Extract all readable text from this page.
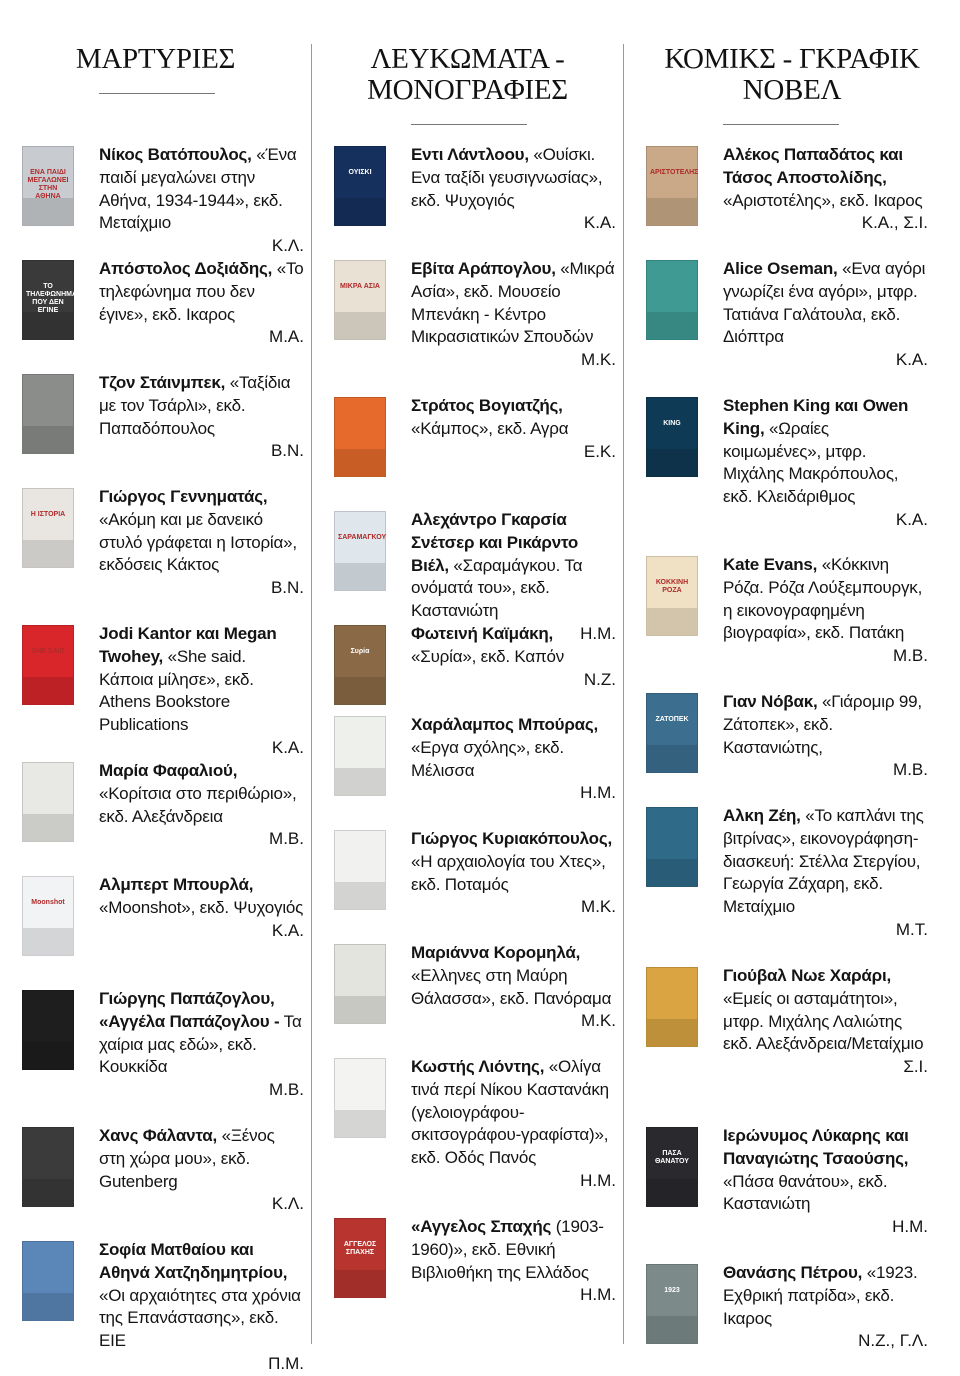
ΜΑΡΤΥΡΙΕΣ
ΕΝΑ ΠΑΙΔΙ ΜΕΓΑΛΩΝΕΙ ΣΤΗΝ ΑΘΗΝΑ
Νίκος Βατόπουλος, «Ένα παιδί μεγαλώνει στην Αθήνα, 1934-1944», εκδ. Μεταίχμιο
Κ.Λ.
ΤΟ ΤΗΛΕΦΩΝΗΜΑ ΠΟΥ ΔΕΝ ΕΓΙΝΕ
Απόστολος Δοξιάδης, «Το τηλεφώνημα που δεν έγινε», εκδ. Ικαρος
Μ.Α.
Τζον Στάινμπεκ, «Ταξίδια με τον Τσάρλι», εκδ. Παπαδόπουλος
Β.Ν.
Η ΙΣΤΟΡΙΑ
Γιώργος Γεννηματάς, «Ακόμη και με δανεικό στυλό γράφεται η Ιστορία», εκδόσεις Κάκτος
Β.Ν.
SHE SAID
Jodi Kantor και Megan Twohey, «She said. Κάποια μίλησε», εκδ. Athens Bookstore Publications
Κ.Α.
Μαρία Φαφαλιού, «Κορίτσια στο περιθώριο», εκδ. Αλεξάνδρεια
Μ.Β.
Moonshot
Αλμπερτ Μπουρλά, «Moonshot», εκδ. Ψυχογιός
Κ.Α.
Γιώργης Παπάζογλου, «Αγγέλα Παπάζογλου - Τα χαίρια μας εδώ», εκδ. Κουκκίδα
Μ.Β.
Χανς Φάλαντα, «Ξένος στη χώρα μου», εκδ. Gutenberg
Κ.Λ.
Σοφία Ματθαίου και Αθηνά Χατζηδημητρίου, «Οι αρχαιότητες στα χρόνια της Επανάστασης», εκδ. ΕΙΕ
Π.Μ.
ΛΕΥΚΩΜΑΤΑ -
ΜΟΝΟΓΡΑΦΙΕΣ
ΟΥΙΣΚΙ
Εντι Λάντλοου, «Ουίσκι. Ενα ταξίδι γευσιγνωσίας», εκδ. Ψυχογιός
Κ.Α.
ΜΙΚΡΑ ΑΣΙΑ
Εβίτα Αράπογλου, «Μικρά Ασία», εκδ. Μουσείο Μπενάκη - Κέντρο Μικρασιατικών Σπουδών
Μ.Κ.
Στράτος Βογιατζής, «Κάμπος», εκδ. Αγρα
Ε.Κ.
ΣΑΡΑΜΑΓΚΟΥ
Αλεχάντρο Γκαρσία Σνέτσερ και Ρικάρντο Βιέλ, «Σαραμάγκου. Τα ονόματά του», εκδ. Καστανιώτη
Η.Μ.
Συρία
Φωτεινή Καϊμάκη, «Συρία», εκδ. Καπόν
Ν.Ζ.
Χαράλαμπος Μπούρας, «Εργα σχόλης», εκδ. Μέλισσα
Η.Μ.
Γιώργος Κυριακόπουλος, «Η αρχαιολογία του Χτες», εκδ. Ποταμός
Μ.Κ.
Μαριάννα Κορομηλά, «Ελληνες στη Μαύρη Θάλασσα», εκδ. Πανόραμα
Μ.Κ.
Κωστής Λιόντης, «Ολίγα τινά περί Νίκου Καστανάκη (γελοιογράφου-σκιτσογράφου-γραφίστα)», εκδ. Οδός Πανός
Η.Μ.
ΑΓΓΕΛΟΣ ΣΠΑΧΗΣ
«Αγγελος Σπαχής (1903-1960)», εκδ. Εθνική Βιβλιοθήκη της Ελλάδος
Η.Μ.
ΚΟΜΙΚΣ - ΓΚΡΑΦΙΚ
ΝΟΒΕΛ
ΑΡΙΣΤΟΤΕΛΗΣ
Αλέκος Παπαδάτος και Τάσος Αποστολίδης, «Αριστοτέλης», εκδ. Ικαρος
Κ.Α., Σ.Ι.
Alice Oseman, «Ενα αγόρι γνωρίζει ένα αγόρι», μτφρ. Τατιάνα Γαλάτουλα, εκδ. Διόπτρα
Κ.Α.
KING
Stephen King και Owen King, «Ωραίες κοιμωμένες», μτφρ. Μιχάλης Μακρόπουλος, εκδ. Κλειδάριθμος
Κ.Α.
ΚΟΚΚΙΝΗ ΡΟΖΑ
Kate Evans, «Κόκκινη Ρόζα. Ρόζα Λούξεμπουργκ, η εικονογραφημένη βιογραφία», εκδ. Πατάκη
Μ.Β.
ΖΑΤΟΠΕΚ
Γιαν Νόβακ, «Γιάρομιρ 99, Ζάτοπεκ», εκδ. Καστανιώτης,
Μ.Β.
Αλκη Ζέη, «Το καπλάνι της βιτρίνας», εικονογράφηση-διασκευή: Στέλλα Στεργίου, Γεωργία Ζάχαρη, εκδ. Μεταίχμιο
Μ.Τ.
Γιούβαλ Νωε Χαράρι, «Εμείς οι ασταμάτητοι», μτφρ. Μιχάλης Λαλιώτης εκδ. Αλεξάνδρεια/Μεταίχμιο
Σ.Ι.
ΠΑΣΑ ΘΑΝΑΤΟΥ
Ιερώνυμος Λύκαρης και Παναγιώτης Τσαούσης, «Πάσα θανάτου», εκδ. Καστανιώτη
Η.Μ.
1923
Θανάσης Πέτρου, «1923. Εχθρική πατρίδα», εκδ. Ικαρος
Ν.Ζ., Γ.Λ.
